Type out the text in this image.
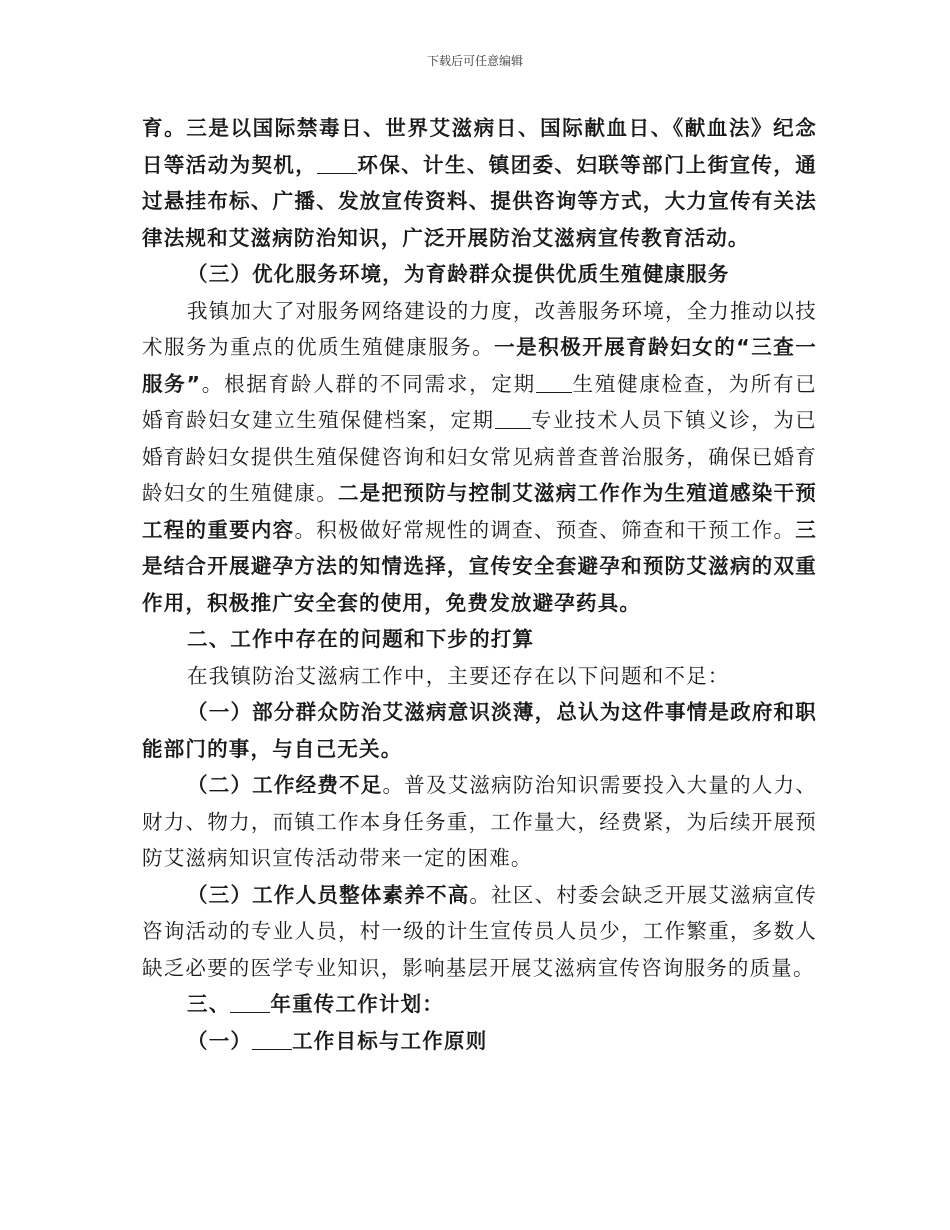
下载后可任意编辑

育。三是以国际禁毒日、世界艾滋病日、国际献血日、《献血法》纪念日等活动为契机， 环保、计生、镇团委、妇联等部门上街宣传，通过悬挂布标、广播、发放宣传资料、提供咨询等方式，大力宣传有关法律法规和艾滋病防治知识，广泛开展防治艾滋病宣传教育活动。

（三）优化服务环境，为育龄群众提供优质生殖健康服务

我镇加大了对服务网络建设的力度，改善服务环境，全力推动以技术服务为重点的优质生殖健康服务。一是积极开展育龄妇女的“三查一服务”。根据育龄人群的不同需求，定期 生殖健康检查，为所有已婚育龄妇女建立生殖保健档案，定期 专业技术人员下镇义诊，为已婚育龄妇女提供生殖保健咨询和妇女常见病普查普治服务，确保已婚育龄妇女的生殖健康。二是把预防与控制艾滋病工作作为生殖道感染干预工程的重要内容。积极做好常规性的调查、预查、筛查和干预工作。三是结合开展避孕方法的知情选择，宣传安全套避孕和预防艾滋病的双重作用，积极推广安全套的使用，免费发放避孕药具。

二、工作中存在的问题和下步的打算

在我镇防治艾滋病工作中，主要还存在以下问题和不足：

（一）部分群众防治艾滋病意识淡薄，总认为这件事情是政府和职能部门的事，与自己无关。

（二）工作经费不足。普及艾滋病防治知识需要投入大量的人力、财力、物力，而镇工作本身任务重，工作量大，经费紧，为后续开展预防艾滋病知识宣传活动带来一定的困难。

（三）工作人员整体素养不高。社区、村委会缺乏开展艾滋病宣传咨询活动的专业人员，村一级的计生宣传员人员少，工作繁重，多数人缺乏必要的医学专业知识，影响基层开展艾滋病宣传咨询服务的质量。

三、 年重传工作计划：

（一） 工作目标与工作原则
